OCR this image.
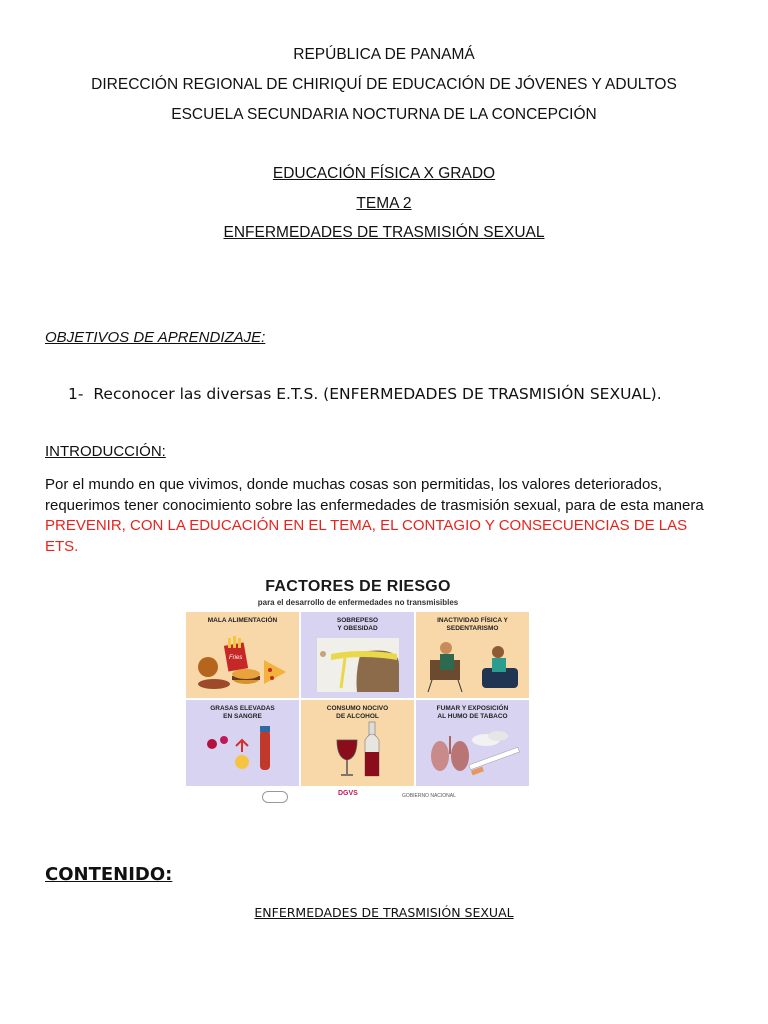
REPÚBLICA DE PANAMÁ
DIRECCIÓN REGIONAL DE CHIRIQUÍ DE EDUCACIÓN DE JÓVENES Y ADULTOS
ESCUELA SECUNDARIA NOCTURNA DE LA CONCEPCIÓN
EDUCACIÓN FÍSICA X GRADO
TEMA 2
ENFERMEDADES DE TRASMISIÓN SEXUAL
OBJETIVOS DE APRENDIZAJE:
1- Reconocer las diversas E.T.S. (ENFERMEDADES DE TRASMISIÓN SEXUAL).
INTRODUCCIÓN:
Por el mundo en que vivimos, donde muchas cosas son permitidas, los valores deteriorados,
requerimos tener conocimiento sobre las enfermedades de trasmisión sexual, para de esta manera
PREVENIR, CON LA EDUCACIÓN EN EL TEMA, EL CONTAGIO Y CONSECUENCIAS DE LAS
ETS.
FACTORES DE RIESGO
para el desarrollo de enfermedades no transmisibles
MALA ALIMENTACIÓN
Fries
SOBREPESO
Y OBESIDAD
INACTIVIDAD FÍSICA Y
SEDENTARISMO
GRASAS ELEVADAS
EN SANGRE
CONSUMO NOCIVO
DE ALCOHOL
FUMAR Y EXPOSICIÓN
AL HUMO DE TABACO
DGVS	GOBIERNO NACIONAL
CONTENIDO:
ENFERMEDADES DE TRASMISIÓN SEXUAL
